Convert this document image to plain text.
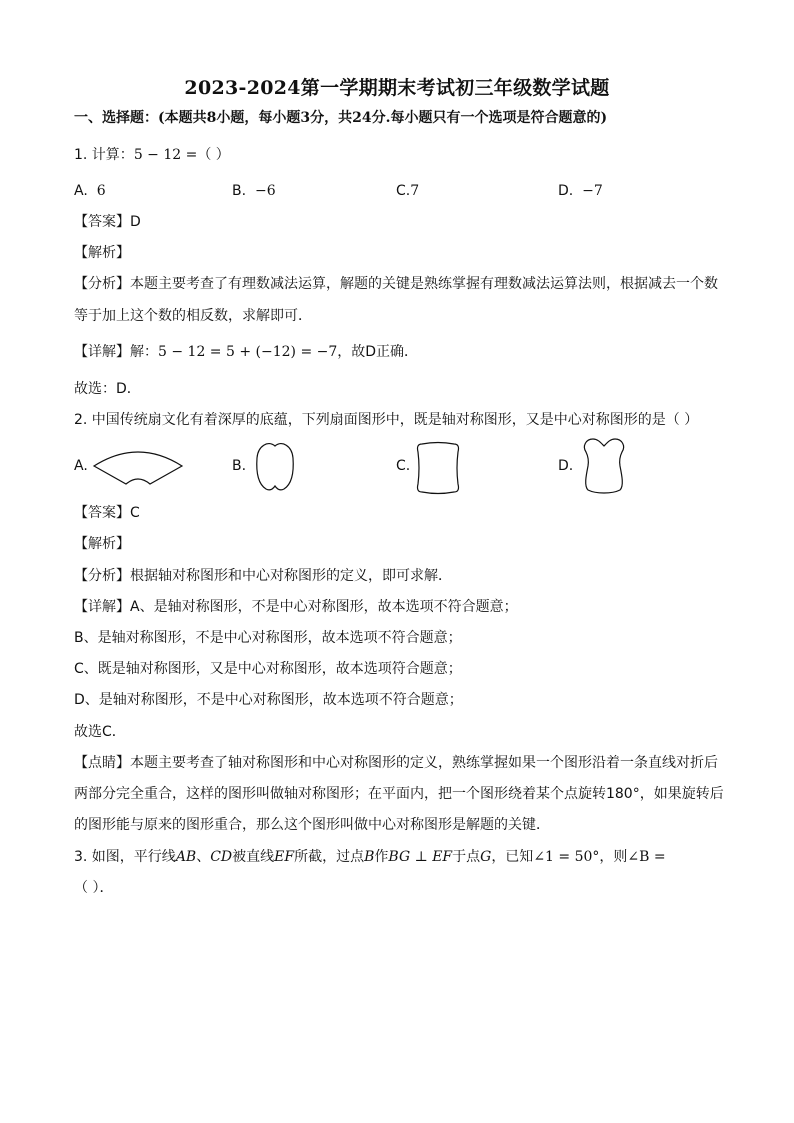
2023-2024第一学期期末考试初三年级数学试题
一、选择题：(本题共8小题，每小题3分，共24分.每小题只有一个选项是符合题意的)
1. 计算：5 − 12 =（ ）
A. 6	B. −6	C.7	D. −7
【答案】D
【解析】
【分析】本题主要考查了有理数减法运算，解题的关键是熟练掌握有理数减法运算法则，根据减去一个数
等于加上这个数的相反数，求解即可．
【详解】解：5 − 12 = 5 + (−12) = −7，故D正确．
故选：D．
2. 中国传统扇文化有着深厚的底蕴，下列扇面图形中，既是轴对称图形，又是中心对称图形的是（ ）
A.	B.	C.	D.
【答案】C
【解析】
【分析】根据轴对称图形和中心对称图形的定义，即可求解．
【详解】A、是轴对称图形，不是中心对称图形，故本选项不符合题意；
B、是轴对称图形，不是中心对称图形，故本选项不符合题意；
C、既是轴对称图形，又是中心对称图形，故本选项符合题意；
D、是轴对称图形，不是中心对称图形，故本选项不符合题意；
故选C．
【点睛】本题主要考查了轴对称图形和中心对称图形的定义，熟练掌握如果一个图形沿着一条直线对折后
两部分完全重合，这样的图形叫做轴对称图形；在平面内，把一个图形绕着某个点旋转180°，如果旋转后
的图形能与原来的图形重合，那么这个图形叫做中心对称图形是解题的关键．
3. 如图，平行线AB、CD被直线EF所截，过点B作BG ⊥ EF于点G，已知∠1 = 50°，则∠B =
（ ）．
